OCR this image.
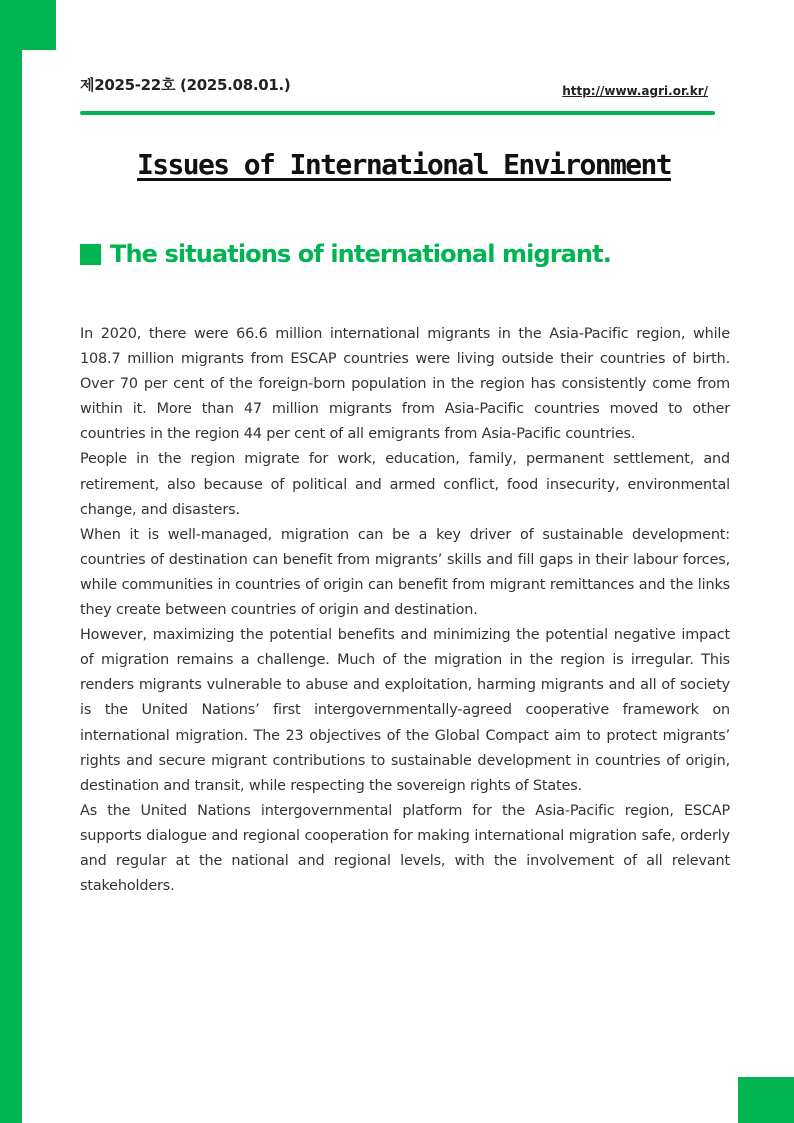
제2025-22호 (2025.08.01.)	http://www.agri.or.kr/
Issues of International Environment
The situations of international migrant.

In 2020, there were 66.6 million international migrants in the Asia-Pacific region, while 108.7 million migrants from ESCAP countries were living outside their countries of birth. Over 70 per cent of the foreign-born population in the region has consistently come from within it. More than 47 million migrants from Asia-Pacific countries moved to other countries in the region 44 per cent of all emigrants from Asia-Pacific countries.

People in the region migrate for work, education, family, permanent settlement, and retirement, also because of political and armed conflict, food insecurity, environmental change, and disasters.

When it is well-managed, migration can be a key driver of sustainable development: countries of destination can benefit from migrants’ skills and fill gaps in their labour forces, while communities in countries of origin can benefit from migrant remittances and the links they create between countries of origin and destination.

However, maximizing the potential benefits and minimizing the potential negative impact of migration remains a challenge. Much of the migration in the region is irregular. This renders migrants vulnerable to abuse and exploitation, harming migrants and all of society is the United Nations’ first intergovernmentally-agreed cooperative framework on international migration. The 23 objectives of the Global Compact aim to protect migrants’ rights and secure migrant contributions to sustainable development in countries of origin, destination and transit, while respecting the sovereign rights of States.

As the United Nations intergovernmental platform for the Asia-Pacific region, ESCAP supports dialogue and regional cooperation for making international migration safe, orderly and regular at the national and regional levels, with the involvement of all relevant stakeholders.
